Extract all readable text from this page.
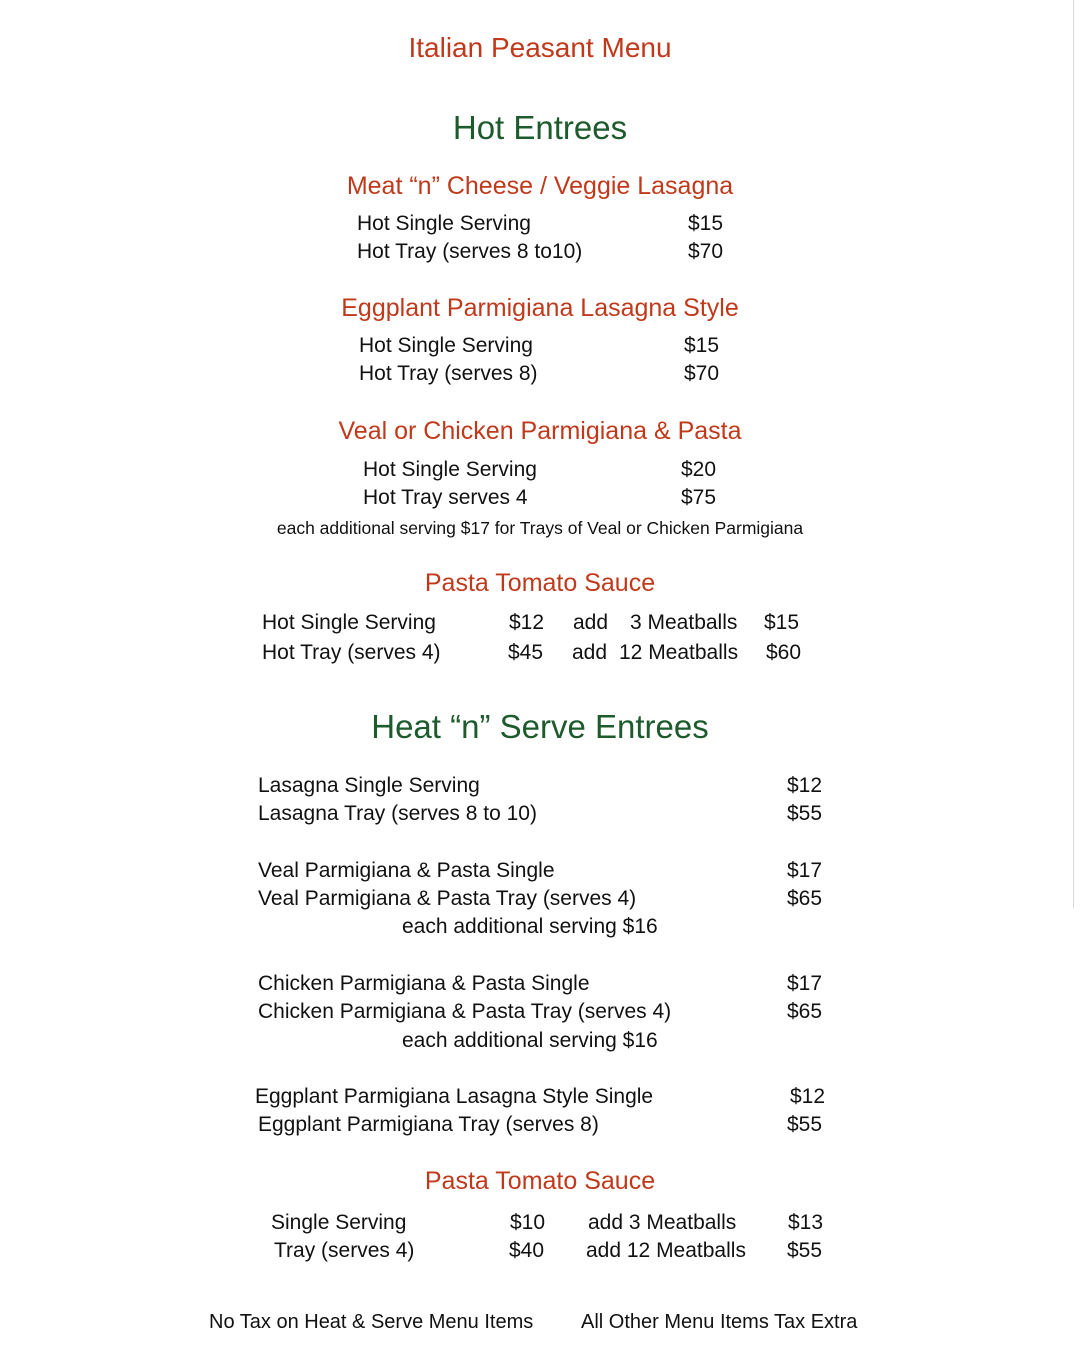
Italian Peasant Menu
Hot Entrees
Meat “n” Cheese / Veggie Lasagna
Hot Single Serving	$15
Hot Tray (serves 8 to10)	$70
Eggplant Parmigiana Lasagna Style
Hot Single Serving	$15
Hot Tray (serves 8)	$70
Veal or Chicken Parmigiana & Pasta
Hot Single Serving	$20
Hot Tray serves 4	$75
each additional serving $17 for Trays of Veal or Chicken Parmigiana
Pasta Tomato Sauce
Hot Single Serving	$12 add 3 Meatballs $15
Hot Tray (serves 4)	$45 add 12 Meatballs $60
Heat “n” Serve Entrees
Lasagna Single Serving	$12
Lasagna Tray (serves 8 to 10)	$55
Veal Parmigiana & Pasta Single	$17
Veal Parmigiana & Pasta Tray (serves 4)	$65
each additional serving $16
Chicken Parmigiana & Pasta Single	$17
Chicken Parmigiana & Pasta Tray (serves 4)	$65
each additional serving $16
Eggplant Parmigiana Lasagna Style Single	$12
Eggplant Parmigiana Tray (serves 8)	$55
Pasta Tomato Sauce
Single Serving	$10 add 3 Meatballs $13
Tray (serves 4)	$40 add 12 Meatballs $55
No Tax on Heat & Serve Menu Items All Other Menu Items Tax Extra
